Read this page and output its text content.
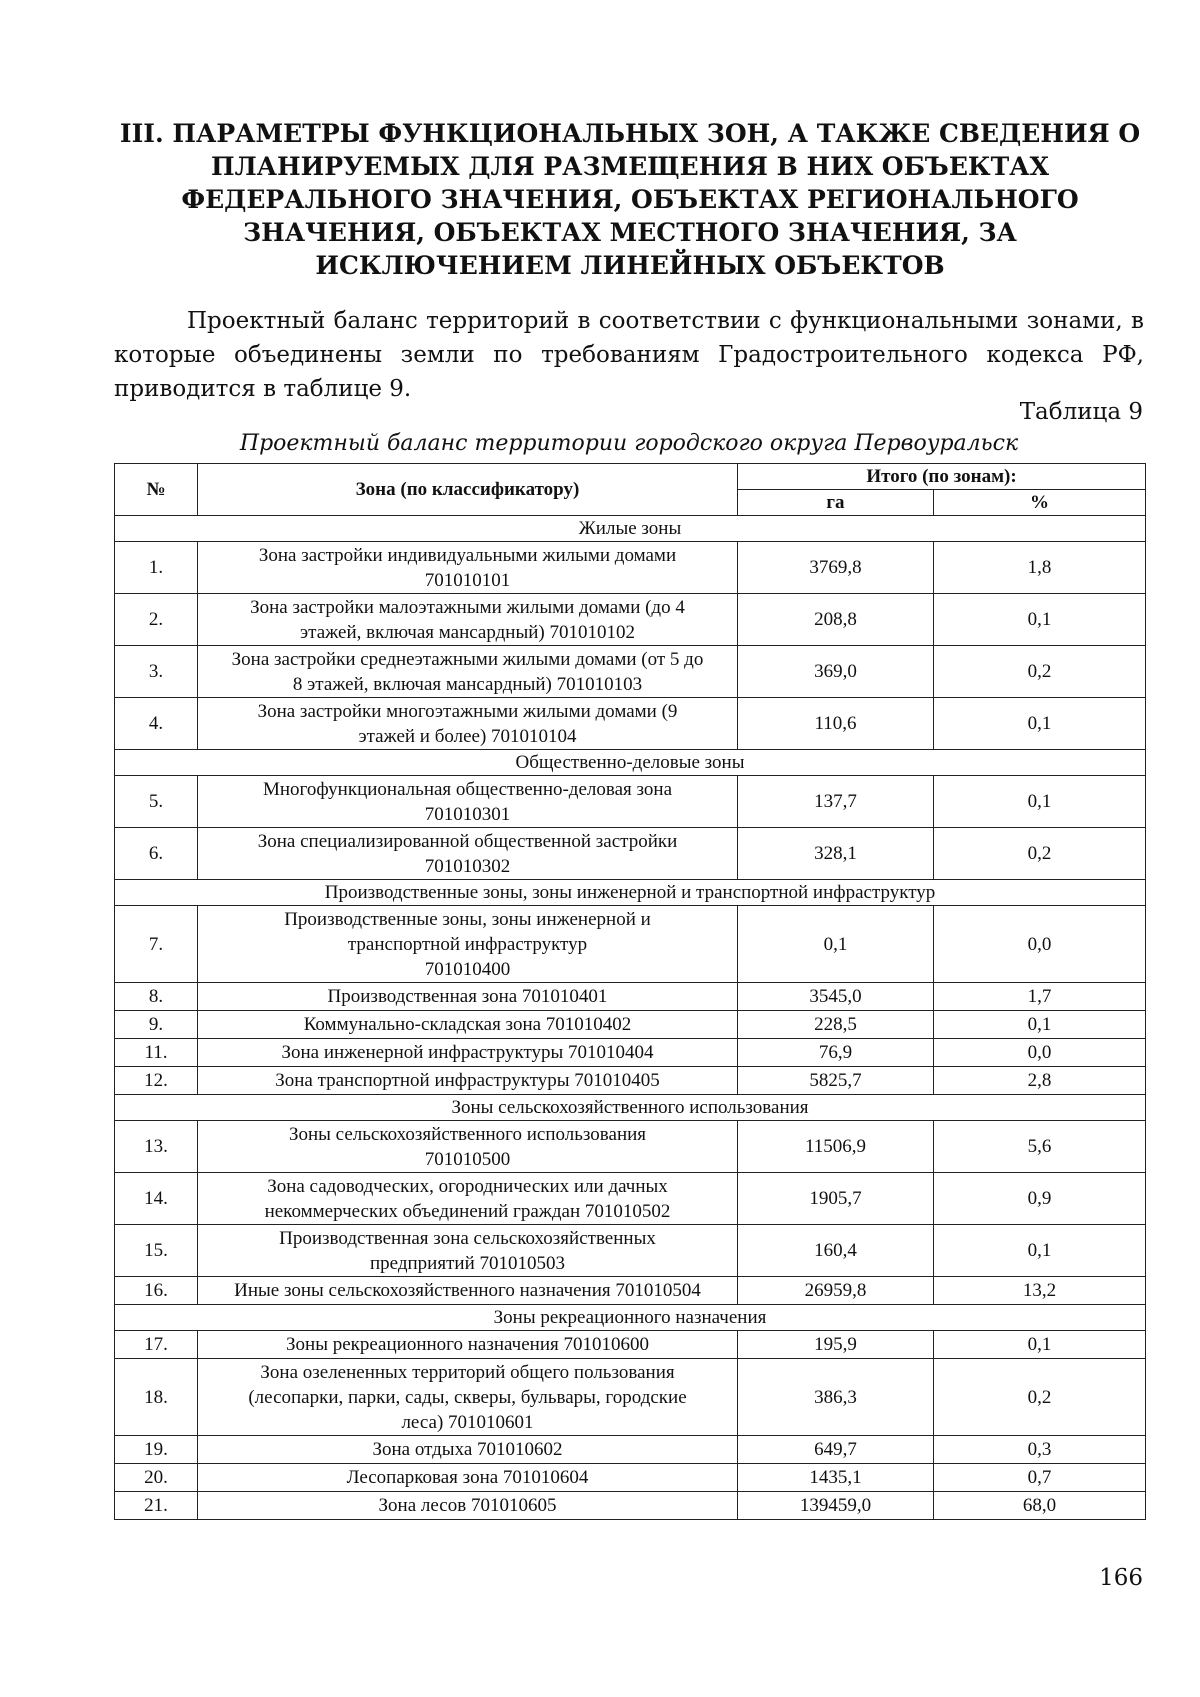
III. ПАРАМЕТРЫ ФУНКЦИОНАЛЬНЫХ ЗОН, А ТАКЖЕ СВЕДЕНИЯ О
ПЛАНИРУЕМЫХ ДЛЯ РАЗМЕЩЕНИЯ В НИХ ОБЪЕКТАХ
ФЕДЕРАЛЬНОГО ЗНАЧЕНИЯ, ОБЪЕКТАХ РЕГИОНАЛЬНОГО
ЗНАЧЕНИЯ, ОБЪЕКТАХ МЕСТНОГО ЗНАЧЕНИЯ, ЗА
ИСКЛЮЧЕНИЕМ ЛИНЕЙНЫХ ОБЪЕКТОВ

Проектный баланс территорий в соответствии с функциональными зонами, в которые объединены земли по требованиям Градостроительного кодекса РФ, приводится в таблице 9.

Таблица 9
Проектный баланс территории городского округа Первоуральск
№	Зона (по классификатору)	Итого (по зонам):	
		га	%
Жилые зоны			
1.	Зона застройки индивидуальными жилыми домами
701010101	3769,8	1,8
2.	Зона застройки малоэтажными жилыми домами (до 4
этажей, включая мансардный) 701010102	208,8	0,1
3.	Зона застройки среднеэтажными жилыми домами (от 5 до
8 этажей, включая мансардный) 701010103	369,0	0,2
4.	Зона застройки многоэтажными жилыми домами (9
этажей и более) 701010104	110,6	0,1
Общественно-деловые зоны			
5.	Многофункциональная общественно-деловая зона
701010301	137,7	0,1
6.	Зона специализированной общественной застройки
701010302	328,1	0,2
Производственные зоны, зоны инженерной и транспортной инфраструктур			
7.	Производственные зоны, зоны инженерной и
транспортной инфраструктур
701010400	0,1	0,0
8.	Производственная зона 701010401	3545,0	1,7
9.	Коммунально-складская зона 701010402	228,5	0,1
11.	Зона инженерной инфраструктуры 701010404	76,9	0,0
12.	Зона транспортной инфраструктуры 701010405	5825,7	2,8
Зоны сельскохозяйственного использования			
13.	Зоны сельскохозяйственного использования
701010500	11506,9	5,6
14.	Зона садоводческих, огороднических или дачных
некоммерческих объединений граждан 701010502	1905,7	0,9
15.	Производственная зона сельскохозяйственных
предприятий 701010503	160,4	0,1
16.	Иные зоны сельскохозяйственного назначения 701010504	26959,8	13,2
Зоны рекреационного назначения			
17.	Зоны рекреационного назначения 701010600	195,9	0,1
18.	Зона озелененных территорий общего пользования
(лесопарки, парки, сады, скверы, бульвары, городские
леса) 701010601	386,3	0,2
19.	Зона отдыха 701010602	649,7	0,3
20.	Лесопарковая зона 701010604	1435,1	0,7
21.	Зона лесов 701010605	139459,0	68,0
166
